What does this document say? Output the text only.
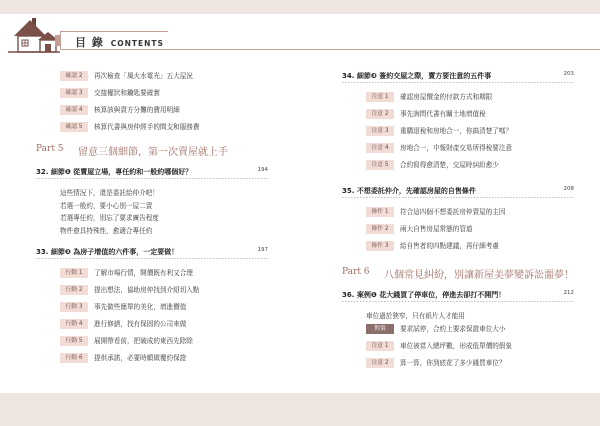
目 錄 CONTENTS
確認 2	再次檢查「風火水電光」五大屋況
確認 3	交接權狀和鑰匙要確實
確認 4	核算該與賣方分攤的費用明細
確認 5	核算代書與房仲經手的間支和服務費
Part 5 留意三個細節，第一次賣屋就上手
32. 細節❶ 從賣屋立場，專任約和一般約哪個好？	194
這些情況下，還是委託給仲介吧！
若選一般約，要小心別一屋二賣
若選專任約，別忘了要求廣告程度
物件愈具特殊性，愈適合專任約
33. 細節❷ 為房子增值的六件事，一定要做！	197
行動 1	了解市場行情，開價既有利又合理
行動 2	提出想法，協助房仲找到介紹切入點
行動 3	事先做些簡單的美化，增進價值
行動 4	進行修繕，找有保固的公司來做
行動 5	展開帶看前，把破成的東西先除除
行動 6	提供承諾，必要時願做覆約保證
34. 細節❸ 簽約交屋之際，賣方要注意的五件事	203
注意 1	確認房屋價金的付款方式和期限
注意 2	事先詢問代書有關土地增值稅
注意 3	重購退稅和房地合一，你搞清楚了嗎？
注意 4	房地合一，申報財產交易所得稅要注意
注意 5	合約寫得愈清楚，交屋時糾紛愈少
35. 不想委託仲介，先確認房屋的自售條件	208
條件 1	符合這四個不想委託房仲賣屋的主因
條件 2	兩大自售房屋常態的管道
條件 3	給自售者的四點建議，再仔細考慮
Part 6 八個常見糾紛，別讓新屋美夢變訴訟噩夢！
36. 案例❶ 花大錢買了停車位，停進去卻打不開門！	212
車位過於狹窄，只有紙片人才能用
對策	要求試停，合約上要求保證車位大小
注意 1	車位被當入總坪數，形成低單價的假象
注意 2	算一算，你到底花了多少錢買車位？
